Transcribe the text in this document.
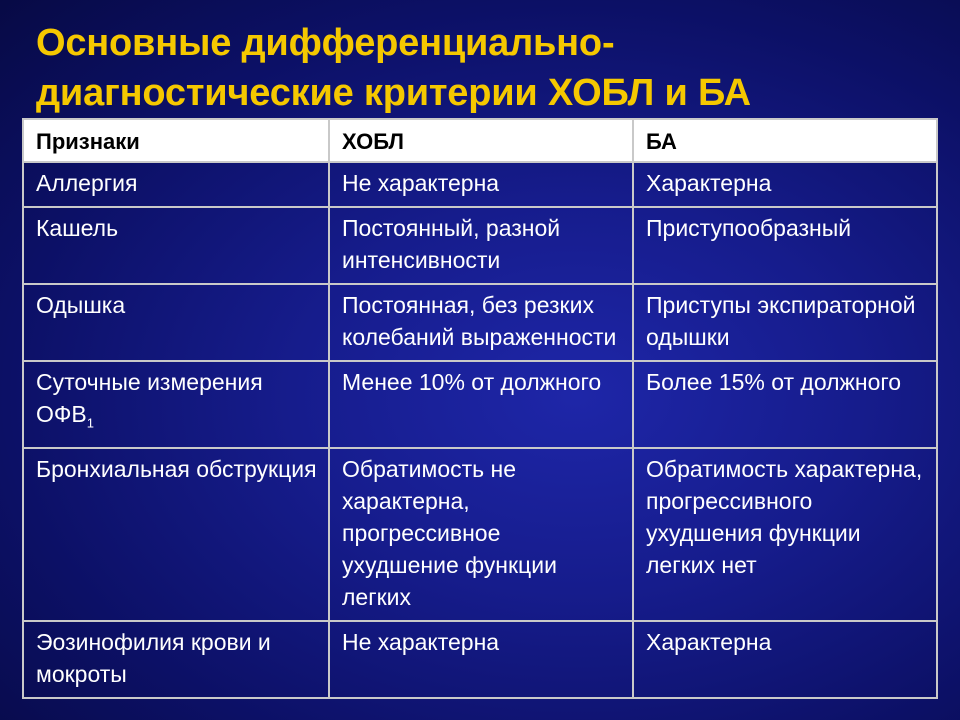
Основные дифференциально-
диагностические критерии ХОБЛ и БА
Признаки	ХОБЛ	БА
Аллергия	Не характерна	Характерна
Кашель	Постоянный, разной интенсивности	Приступообразный
Одышка	Постоянная, без резких колебаний выраженности	Приступы экспираторной одышки
Суточные измерения $ОФВ_1$	Менее 10% от должного	Более 15% от должного
Бронхиальная обструкция	Обратимость не характерна, прогрессивное ухудшение функции легких	Обратимость характерна, прогрессивного ухудшения функции легких нет
Эозинофилия крови и мокроты	Не характерна	Характерна
